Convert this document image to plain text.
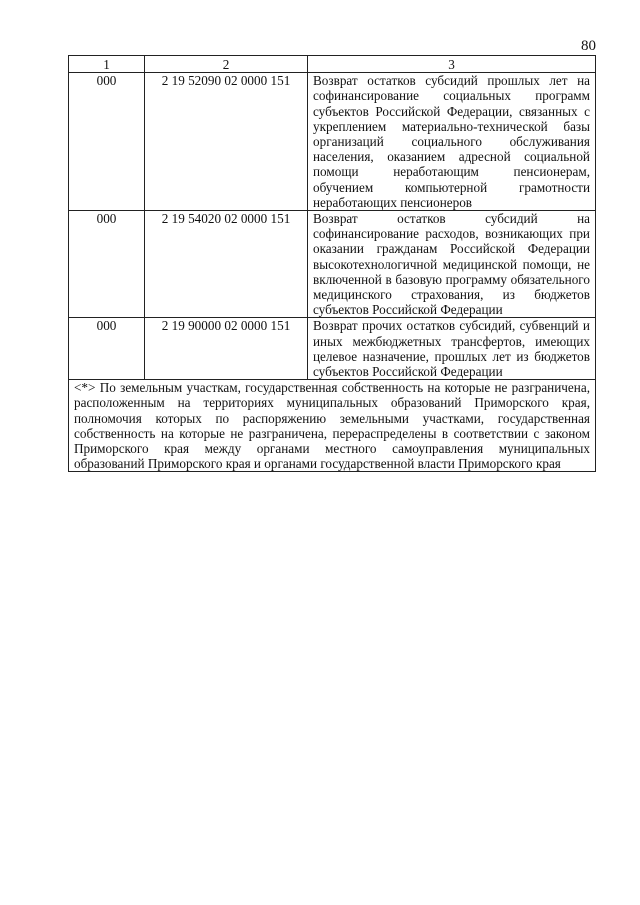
80
1	2	3
000	2 19 52090 02 0000 151	Возврат остатков субсидий прошлых лет на софинансирование социальных программ субъектов Российской Федерации, связанных с укреплением материально-технической базы организаций социального обслуживания населения, оказанием адресной социальной помощи неработающим пенсионерам, обучением компьютерной грамотности неработающих пенсионеров
000	2 19 54020 02 0000 151	Возврат остатков субсидий на софинансирование расходов, возникающих при оказании гражданам Российской Федерации высокотехнологичной медицинской помощи, не включенной в базовую программу обязательного медицинского страхования, из бюджетов субъектов Российской Федерации
000	2 19 90000 02 0000 151	Возврат прочих остатков субсидий, субвенций и иных межбюджетных трансфертов, имеющих целевое назначение, прошлых лет из бюджетов субъектов Российской Федерации
<*> По земельным участкам, государственная собственность на которые не разграничена, расположенным на территориях муниципальных образований Приморского края, полномочия которых по распоряжению земельными участками, государственная собственность на которые не разграничена, перераспределены в соответствии с законом Приморского края между органами местного самоуправления муниципальных образований Приморского края и органами государственной власти Приморского края		
